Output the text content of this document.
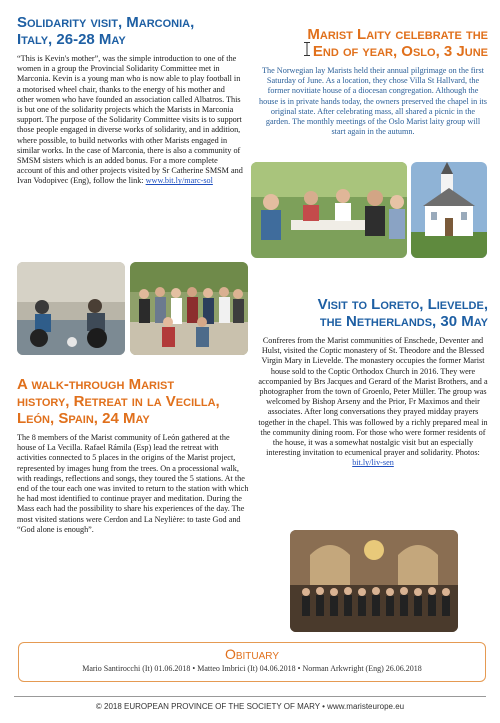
Solidarity visit, Marconia,
Italy, 26-28 May

“This is Kevin's mother”, was the simple introduction to one of the women in a group the Provincial Solidarity Committee met in Marconia. Kevin is a young man who is now able to play football in a motorised wheel chair, thanks to the energy of his mother and other women who have founded an association called Albatros. This is but one of the solidarity projects which the Marists in Marconia support. The purpose of the Solidarity Committee visits is to support those people engaged in diverse works of solidarity, and in addition, where possible, to build networks with other Marists engaged in similar works. In the case of Marconia, there is also a community of SMSM sisters which is an added bonus. For a more complete account of this and other projects visited by Sr Catherine SMSM and Ivan Vodopivec (Eng), follow the link: www.bit.ly/marc-sol

Marist Laity celebrate the
End of year, Oslo, 3 June

The Norwegian lay Marists held their annual pilgrimage on the first Saturday of June. As a location, they chose Villa St Hallvard, the former novitiate house of a diocesan congregation. Although the house is in private hands today, the owners preserved the chapel in its original state. After celebrating mass, all shared a picnic in the garden. The monthly meetings of the Oslo Marist laity group will start again in the autumn.

Visit to Loreto, Lievelde,
the Netherlands, 30 May

Confreres from the Marist communities of Enschede, Deventer and Hulst, visited the Coptic monastery of St. Theodore and the Blessed Virgin Mary in Lievelde. The monastery occupies the former Marist house sold to the Coptic Orthodox Church in 2016. They were accompanied by Brs Jacques and Gerard of the Marist Brothers, and a photographer from the town of Groenlo, Peter Müller. The group was welcomed by Bishop Arseny and the Prior, Fr Maximos and their associates. After long conversations they prayed midday prayers together in the chapel. This was followed by a richly prepared meal in the community dining room. For those who were former residents of the house, it was a somewhat nostalgic visit but an especially interesting invitation to ecumenical prayer and solidarity. Photos: bit.ly/liv-sen

A walk-through Marist
history, Retreat in la Vecilla,
León, Spain, 24 May

The 8 members of the Marist community of León gathered at the house of La Vecilla. Rafael Rámila (Esp) lead the retreat with activities connected to 5 places in the origins of the Marist project, represented by images hung from the trees. On a processional walk, with readings, reflections and songs, they toured the 5 stations. At the end of the tour each one was invited to return to the station with which he had most identified to continue prayer and meditation. During the Mass each had the possibility to share his experiences of the day. The most visited stations were Cerdon and La Neylière: to taste God and “God alone is enough”.

Obituary
Mario Santirocchi (It) 01.06.2018 • Matteo Imbrici (It) 04.06.2018 • Norman Arkwright (Eng) 26.06.2018
© 2018 EUROPEAN PROVINCE OF THE SOCIETY OF MARY • www.maristeurope.eu
